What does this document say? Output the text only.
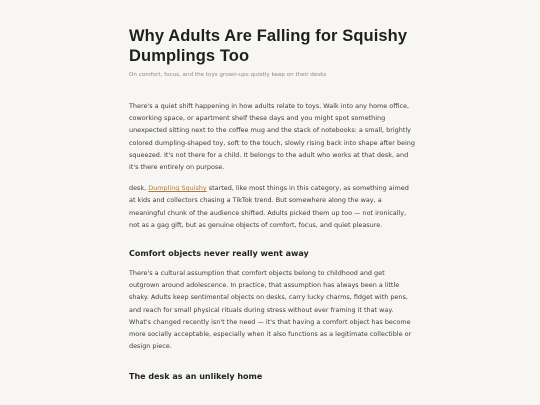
Why Adults Are Falling for Squishy Dumplings Too

On comfort, focus, and the toys grown-ups quietly keep on their desks

There's a quiet shift happening in how adults relate to toys. Walk into any home office, coworking space, or apartment shelf these days and you might spot something unexpected sitting next to the coffee mug and the stack of notebooks: a small, brightly colored dumpling-shaped toy, soft to the touch, slowly rising back into shape after being squeezed. It's not there for a child. It belongs to the adult who works at that desk, and it's there entirely on purpose.

desk, Dumpling Squishy started, like most things in this category, as something aimed at kids and collectors chasing a TikTok trend. But somewhere along the way, a meaningful chunk of the audience shifted. Adults picked them up too — not ironically, not as a gag gift, but as genuine objects of comfort, focus, and quiet pleasure.

Comfort objects never really went away

There's a cultural assumption that comfort objects belong to childhood and get outgrown around adolescence. In practice, that assumption has always been a little shaky. Adults keep sentimental objects on desks, carry lucky charms, fidget with pens, and reach for small physical rituals during stress without ever framing it that way. What's changed recently isn't the need — it's that having a comfort object has become more socially acceptable, especially when it also functions as a legitimate collectible or design piece.

The desk as an unlikely home
